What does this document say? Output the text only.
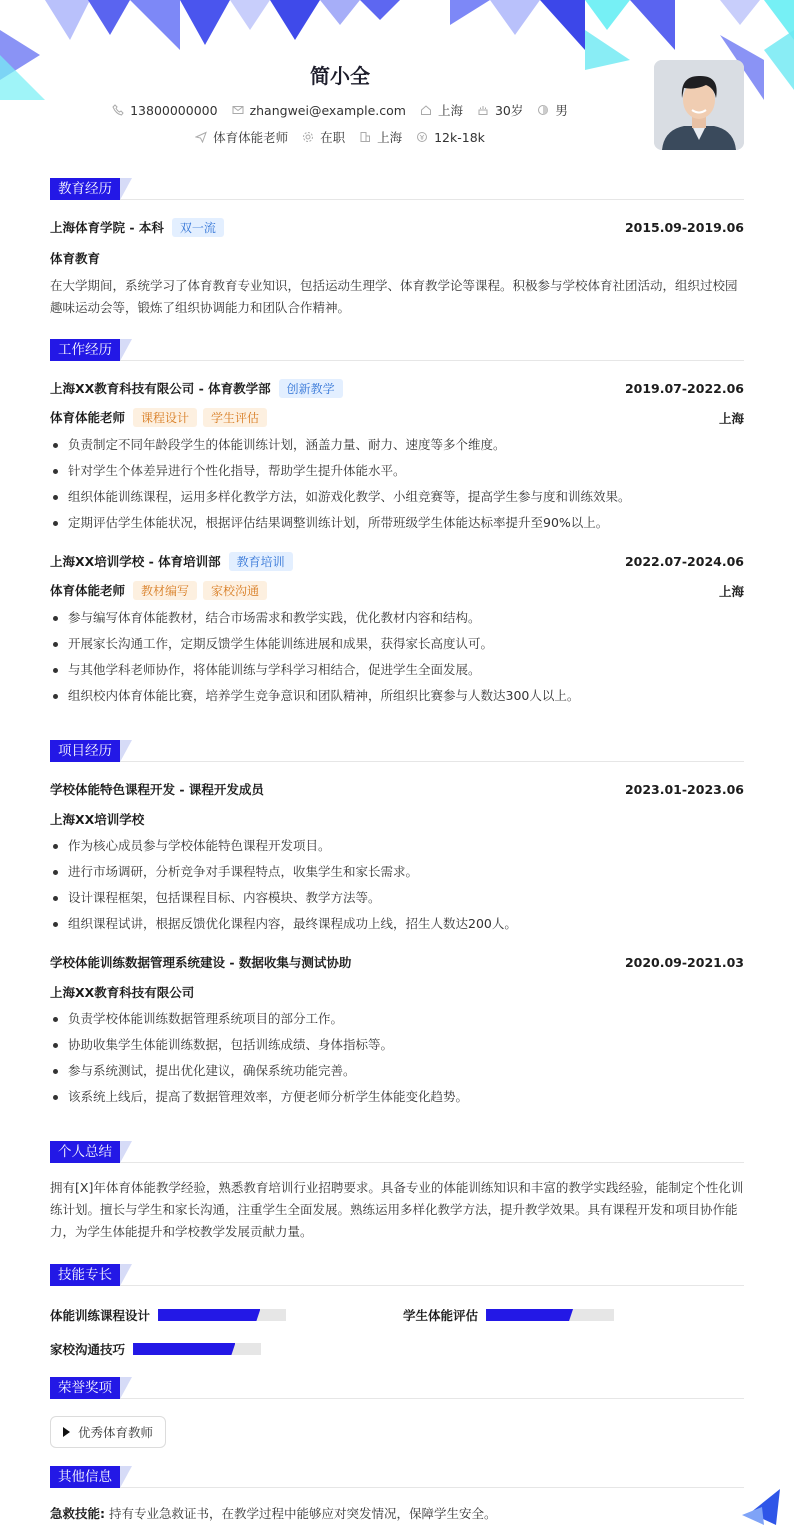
简小全
13800000000	zhangwei@example.com	上海	30岁	男
体育体能老师	在职	上海	12k-18k
教育经历
上海体育学院 - 本科 双一流	2015.09-2019.06
体育教育
在大学期间，系统学习了体育教育专业知识，包括运动生理学、体育教学论等课程。积极参与学校体育社团活动，组织过校园趣味运动会等，锻炼了组织协调能力和团队合作精神。
工作经历
上海XX教育科技有限公司 - 体育教学部 创新教学	2019.07-2022.06
体育体能老师 课程设计 学生评估	上海
负责制定不同年龄段学生的体能训练计划，涵盖力量、耐力、速度等多个维度。
针对学生个体差异进行个性化指导，帮助学生提升体能水平。
组织体能训练课程，运用多样化教学方法，如游戏化教学、小组竞赛等，提高学生参与度和训练效果。
定期评估学生体能状况，根据评估结果调整训练计划，所带班级学生体能达标率提升至90%以上。
上海XX培训学校 - 体育培训部 教育培训	2022.07-2024.06
体育体能老师 教材编写 家校沟通	上海
参与编写体育体能教材，结合市场需求和教学实践，优化教材内容和结构。
开展家长沟通工作，定期反馈学生体能训练进展和成果，获得家长高度认可。
与其他学科老师协作，将体能训练与学科学习相结合，促进学生全面发展。
组织校内体育体能比赛，培养学生竞争意识和团队精神，所组织比赛参与人数达300人以上。
项目经历
学校体能特色课程开发 - 课程开发成员	2023.01-2023.06
上海XX培训学校
作为核心成员参与学校体能特色课程开发项目。
进行市场调研，分析竞争对手课程特点，收集学生和家长需求。
设计课程框架，包括课程目标、内容模块、教学方法等。
组织课程试讲，根据反馈优化课程内容，最终课程成功上线，招生人数达200人。
学校体能训练数据管理系统建设 - 数据收集与测试协助	2020.09-2021.03
上海XX教育科技有限公司
负责学校体能训练数据管理系统项目的部分工作。
协助收集学生体能训练数据，包括训练成绩、身体指标等。
参与系统测试，提出优化建议，确保系统功能完善。
该系统上线后，提高了数据管理效率，方便老师分析学生体能变化趋势。
个人总结
拥有[X]年体育体能教学经验，熟悉教育培训行业招聘要求。具备专业的体能训练知识和丰富的教学实践经验，能制定个性化训练计划。擅长与学生和家长沟通，注重学生全面发展。熟练运用多样化教学方法，提升教学效果。具有课程开发和项目协作能力，为学生体能提升和学校教学发展贡献力量。
技能专长
体能训练课程设计	学生体能评估
家校沟通技巧
荣誉奖项
优秀体育教师
其他信息
急救技能: 持有专业急救证书，在教学过程中能够应对突发情况，保障学生安全。
